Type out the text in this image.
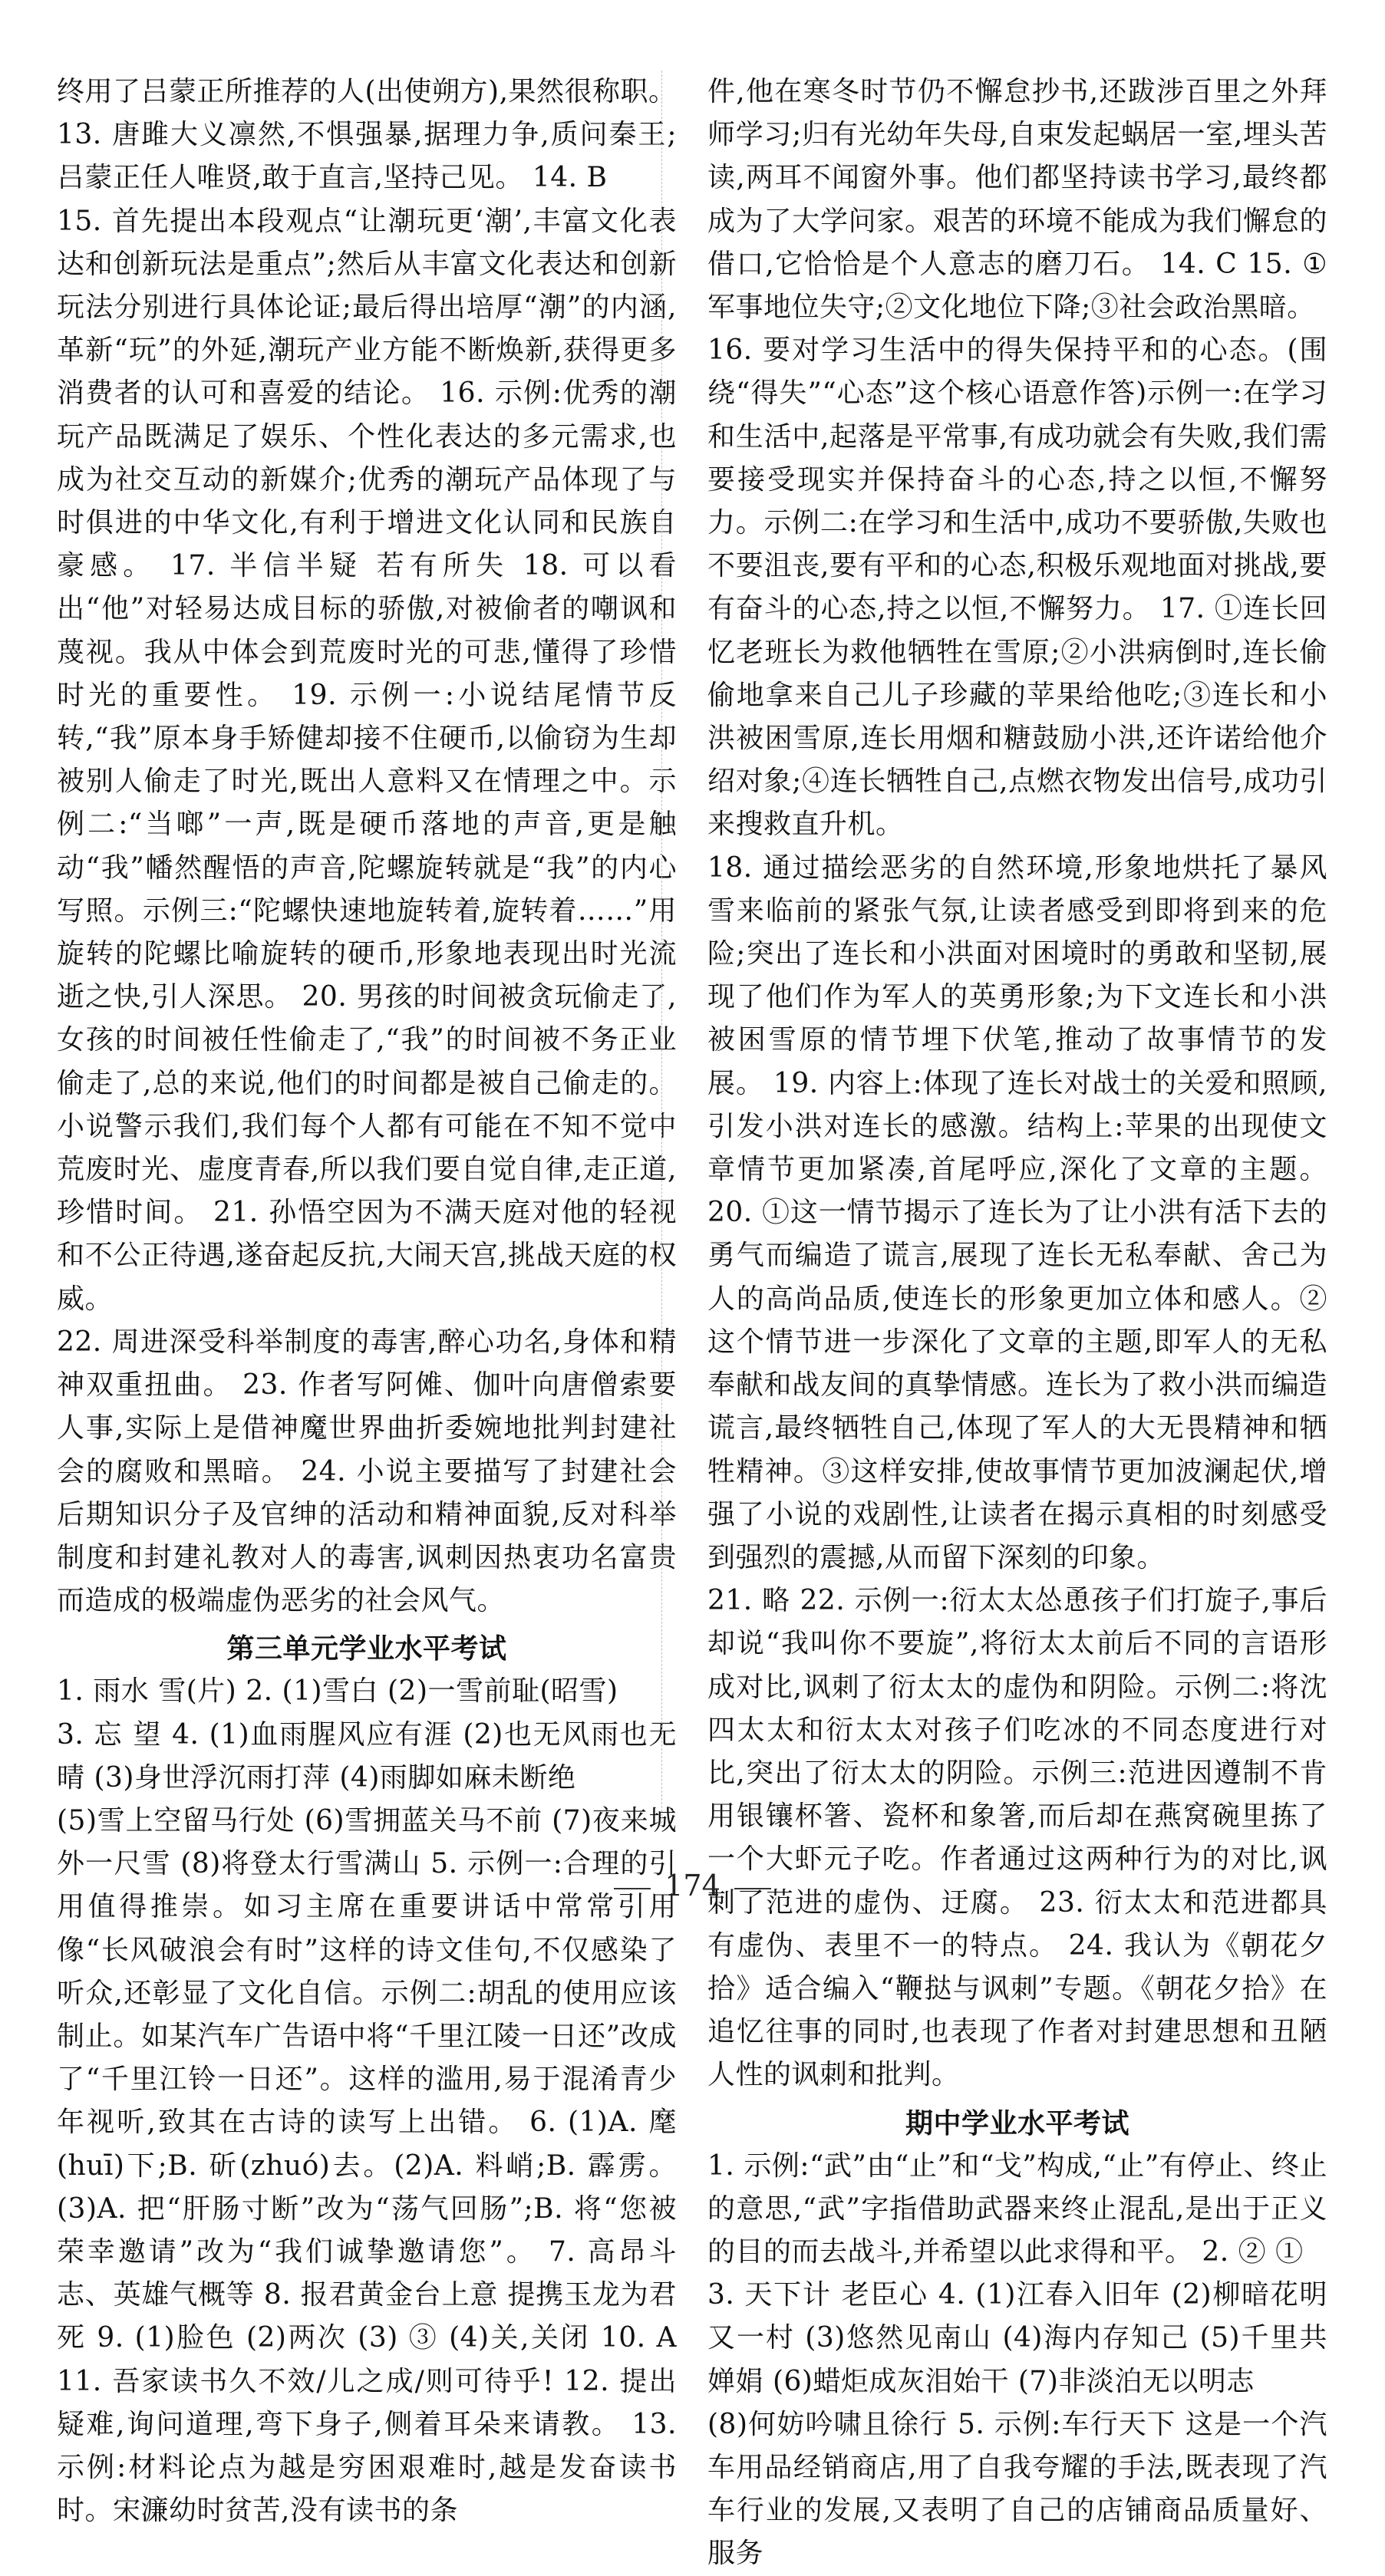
终用了吕蒙正所推荐的人(出使朔方),果然很称职。

13. 唐雎大义凛然,不惧强暴,据理力争,质问秦王;吕蒙正任人唯贤,敢于直言,坚持己见。 14. B

15. 首先提出本段观点“让潮玩更‘潮’,丰富文化表达和创新玩法是重点”;然后从丰富文化表达和创新玩法分别进行具体论证;最后得出培厚“潮”的内涵,革新“玩”的外延,潮玩产业方能不断焕新,获得更多消费者的认可和喜爱的结论。 16. 示例:优秀的潮玩产品既满足了娱乐、个性化表达的多元需求,也成为社交互动的新媒介;优秀的潮玩产品体现了与时俱进的中华文化,有利于增进文化认同和民族自豪感。 17. 半信半疑 若有所失 18. 可以看出“他”对轻易达成目标的骄傲,对被偷者的嘲讽和蔑视。我从中体会到荒废时光的可悲,懂得了珍惜时光的重要性。 19. 示例一:小说结尾情节反转,“我”原本身手矫健却接不住硬币,以偷窃为生却被别人偷走了时光,既出人意料又在情理之中。示例二:“当啷”一声,既是硬币落地的声音,更是触动“我”幡然醒悟的声音,陀螺旋转就是“我”的内心写照。示例三:“陀螺快速地旋转着,旋转着……”用旋转的陀螺比喻旋转的硬币,形象地表现出时光流逝之快,引人深思。 20. 男孩的时间被贪玩偷走了,女孩的时间被任性偷走了,“我”的时间被不务正业偷走了,总的来说,他们的时间都是被自己偷走的。小说警示我们,我们每个人都有可能在不知不觉中荒废时光、虚度青春,所以我们要自觉自律,走正道,珍惜时间。 21. 孙悟空因为不满天庭对他的轻视和不公正待遇,遂奋起反抗,大闹天宫,挑战天庭的权威。

22. 周进深受科举制度的毒害,醉心功名,身体和精神双重扭曲。 23. 作者写阿傩、伽叶向唐僧索要人事,实际上是借神魔世界曲折委婉地批判封建社会的腐败和黑暗。 24. 小说主要描写了封建社会后期知识分子及官绅的活动和精神面貌,反对科举制度和封建礼教对人的毒害,讽刺因热衷功名富贵而造成的极端虚伪恶劣的社会风气。

第三单元学业水平考试

1. 雨水 雪(片) 2. (1)雪白 (2)一雪前耻(昭雪)

3. 忘 望 4. (1)血雨腥风应有涯 (2)也无风雨也无晴 (3)身世浮沉雨打萍 (4)雨脚如麻未断绝

(5)雪上空留马行处 (6)雪拥蓝关马不前 (7)夜来城外一尺雪 (8)将登太行雪满山 5. 示例一:合理的引用值得推崇。如习主席在重要讲话中常常引用像“长风破浪会有时”这样的诗文佳句,不仅感染了听众,还彰显了文化自信。示例二:胡乱的使用应该制止。如某汽车广告语中将“千里江陵一日还”改成了“千里江铃一日还”。这样的滥用,易于混淆青少年视听,致其在古诗的读写上出错。 6. (1)A. 麾(huī)下;B. 斫(zhuó)去。(2)A. 料峭;B. 霹雳。(3)A. 把“肝肠寸断”改为“荡气回肠”;B. 将“您被荣幸邀请”改为“我们诚挚邀请您”。 7. 高昂斗志、英雄气概等 8. 报君黄金台上意 提携玉龙为君死 9. (1)脸色 (2)两次 (3) ③ (4)关,关闭 10. A 11. 吾家读书久不效/儿之成/则可待乎! 12. 提出疑难,询问道理,弯下身子,侧着耳朵来请教。 13. 示例:材料论点为越是穷困艰难时,越是发奋读书时。宋濂幼时贫苦,没有读书的条

件,他在寒冬时节仍不懈怠抄书,还跋涉百里之外拜师学习;归有光幼年失母,自束发起蜗居一室,埋头苦读,两耳不闻窗外事。他们都坚持读书学习,最终都成为了大学问家。艰苦的环境不能成为我们懈怠的借口,它恰恰是个人意志的磨刀石。 14. C 15. ①军事地位失守;②文化地位下降;③社会政治黑暗。

16. 要对学习生活中的得失保持平和的心态。(围绕“得失”“心态”这个核心语意作答)示例一:在学习和生活中,起落是平常事,有成功就会有失败,我们需要接受现实并保持奋斗的心态,持之以恒,不懈努力。示例二:在学习和生活中,成功不要骄傲,失败也不要沮丧,要有平和的心态,积极乐观地面对挑战,要有奋斗的心态,持之以恒,不懈努力。 17. ①连长回忆老班长为救他牺牲在雪原;②小洪病倒时,连长偷偷地拿来自己儿子珍藏的苹果给他吃;③连长和小洪被困雪原,连长用烟和糖鼓励小洪,还许诺给他介绍对象;④连长牺牲自己,点燃衣物发出信号,成功引来搜救直升机。

18. 通过描绘恶劣的自然环境,形象地烘托了暴风雪来临前的紧张气氛,让读者感受到即将到来的危险;突出了连长和小洪面对困境时的勇敢和坚韧,展现了他们作为军人的英勇形象;为下文连长和小洪被困雪原的情节埋下伏笔,推动了故事情节的发展。 19. 内容上:体现了连长对战士的关爱和照顾,引发小洪对连长的感激。结构上:苹果的出现使文章情节更加紧凑,首尾呼应,深化了文章的主题。 20. ①这一情节揭示了连长为了让小洪有活下去的勇气而编造了谎言,展现了连长无私奉献、舍己为人的高尚品质,使连长的形象更加立体和感人。②这个情节进一步深化了文章的主题,即军人的无私奉献和战友间的真挚情感。连长为了救小洪而编造谎言,最终牺牲自己,体现了军人的大无畏精神和牺牲精神。③这样安排,使故事情节更加波澜起伏,增强了小说的戏剧性,让读者在揭示真相的时刻感受到强烈的震撼,从而留下深刻的印象。

21. 略 22. 示例一:衍太太怂恿孩子们打旋子,事后却说“我叫你不要旋”,将衍太太前后不同的言语形成对比,讽刺了衍太太的虚伪和阴险。示例二:将沈四太太和衍太太对孩子们吃冰的不同态度进行对比,突出了衍太太的阴险。示例三:范进因遵制不肯用银镶杯箸、瓷杯和象箸,而后却在燕窝碗里拣了一个大虾元子吃。作者通过这两种行为的对比,讽刺了范进的虚伪、迂腐。 23. 衍太太和范进都具有虚伪、表里不一的特点。 24. 我认为《朝花夕拾》适合编入“鞭挞与讽刺”专题。《朝花夕拾》在追忆往事的同时,也表现了作者对封建思想和丑陋人性的讽刺和批判。

期中学业水平考试

1. 示例:“武”由“止”和“戈”构成,“止”有停止、终止的意思,“武”字指借助武器来终止混乱,是出于正义的目的而去战斗,并希望以此求得和平。 2. ② ①

3. 天下计 老臣心 4. (1)江春入旧年 (2)柳暗花明又一村 (3)悠然见南山 (4)海内存知己 (5)千里共婵娟 (6)蜡炬成灰泪始干 (7)非淡泊无以明志

(8)何妨吟啸且徐行 5. 示例:车行天下 这是一个汽车用品经销商店,用了自我夸耀的手法,既表现了汽车行业的发展,又表明了自己的店铺商品质量好、服务

174
